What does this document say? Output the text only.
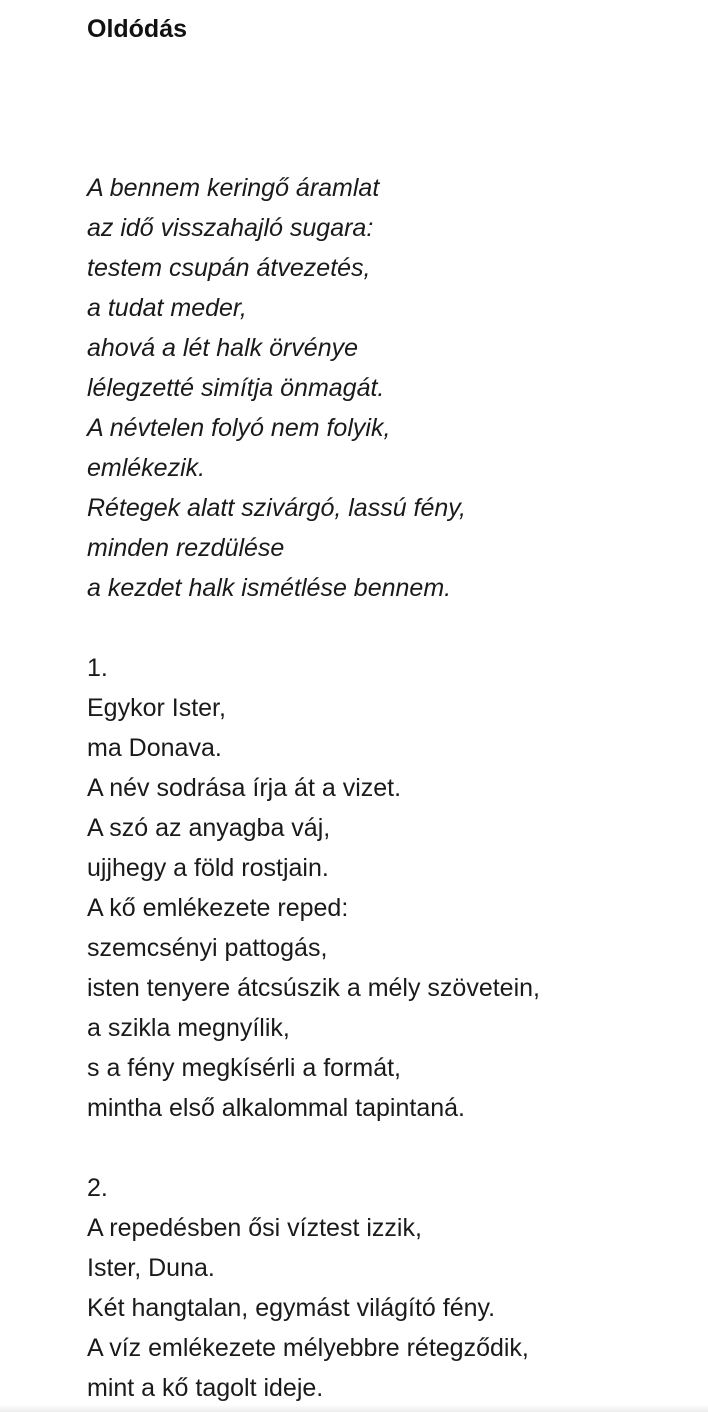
Oldódás
A bennem keringő áramlat
az idő visszahajló sugara:
testem csupán átvezetés,
a tudat meder,
ahová a lét halk örvénye
lélegzetté simítja önmagát.
A névtelen folyó nem folyik,
emlékezik.
Rétegek alatt szivárgó, lassú fény,
minden rezdülése
a kezdet halk ismétlése bennem.
1.
Egykor Ister,
ma Donava.
A név sodrása írja át a vizet.
A szó az anyagba váj,
ujjhegy a föld rostjain.
A kő emlékezete reped:
szemcsényi pattogás,
isten tenyere átcsúszik a mély szövetein,
a szikla megnyílik,
s a fény megkísérli a formát,
mintha első alkalommal tapintaná.
2.
A repedésben ősi víztest izzik,
Ister, Duna.
Két hangtalan, egymást világító fény.
A víz emlékezete mélyebbre rétegződik,
mint a kő tagolt ideje.
